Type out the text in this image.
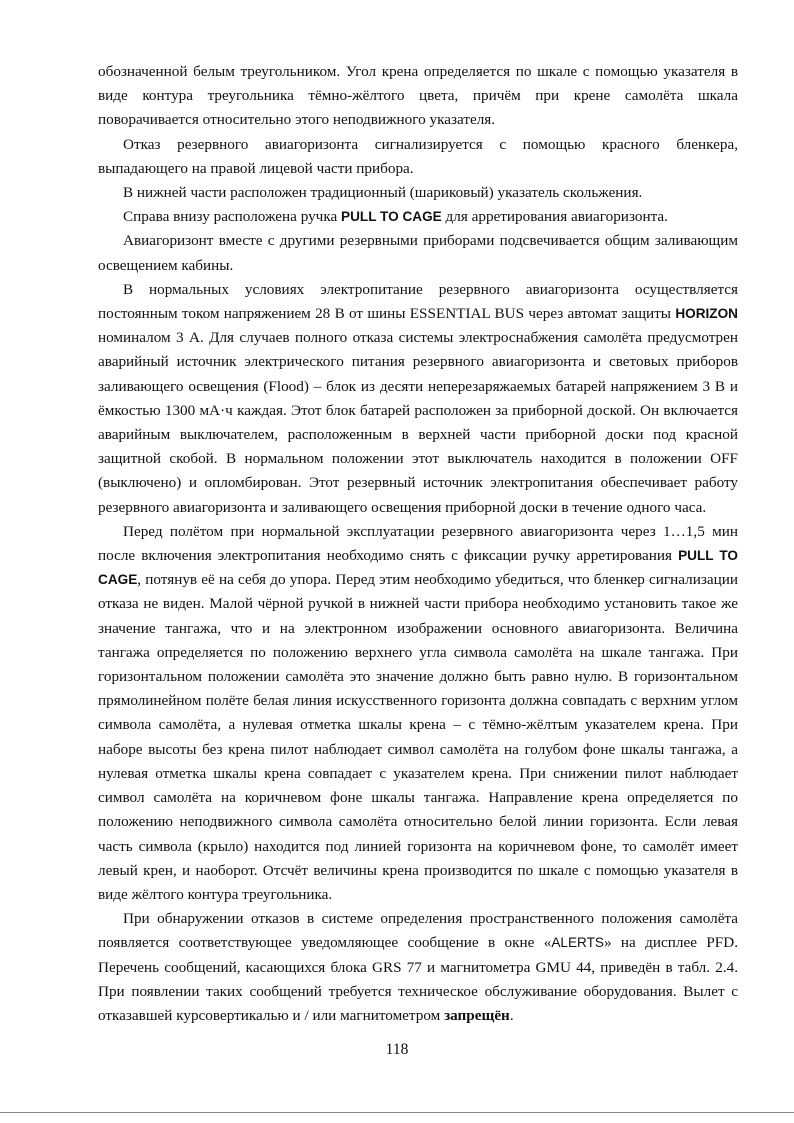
обозначенной белым треугольником. Угол крена определяется по шкале с помощью указателя в виде контура треугольника тёмно-жёлтого цвета, причём при крене самолёта шкала поворачивается относительно этого неподвижного указателя.

Отказ резервного авиагоризонта сигнализируется с помощью красного бленкера, выпадающего на правой лицевой части прибора.

В нижней части расположен традиционный (шариковый) указатель скольжения.

Справа внизу расположена ручка PULL TO CAGE для арретирования авиагоризонта.

Авиагоризонт вместе с другими резервными приборами подсвечивается общим заливающим освещением кабины.

В нормальных условиях электропитание резервного авиагоризонта осуществляется постоянным током напряжением 28 В от шины ESSENTIAL BUS через автомат защиты HORIZON номиналом 3 А. Для случаев полного отказа системы электроснабжения самолёта предусмотрен аварийный источник электрического питания резервного авиагоризонта и световых приборов заливающего освещения (Flood) – блок из десяти неперезаряжаемых батарей напряжением 3 В и ёмкостью 1300 мА·ч каждая. Этот блок батарей расположен за приборной доской. Он включается аварийным выключателем, расположенным в верхней части приборной доски под красной защитной скобой. В нормальном положении этот выключатель находится в положении OFF (выключено) и опломбирован. Этот резервный источник электропитания обеспечивает работу резервного авиагоризонта и заливающего освещения приборной доски в течение одного часа.

Перед полётом при нормальной эксплуатации резервного авиагоризонта через 1…1,5 мин после включения электропитания необходимо снять с фиксации ручку арретирования PULL TO CAGE, потянув её на себя до упора. Перед этим необходимо убедиться, что бленкер сигнализации отказа не виден. Малой чёрной ручкой в нижней части прибора необходимо установить такое же значение тангажа, что и на электронном изображении основного авиагоризонта. Величина тангажа определяется по положению верхнего угла символа самолёта на шкале тангажа. При горизонтальном положении самолёта это значение должно быть равно нулю. В горизонтальном прямолинейном полёте белая линия искусственного горизонта должна совпадать с верхним углом символа самолёта, а нулевая отметка шкалы крена – с тёмно-жёлтым указателем крена. При наборе высоты без крена пилот наблюдает символ самолёта на голубом фоне шкалы тангажа, а нулевая отметка шкалы крена совпадает с указателем крена. При снижении пилот наблюдает символ самолёта на коричневом фоне шкалы тангажа. Направление крена определяется по положению неподвижного символа самолёта относительно белой линии горизонта. Если левая часть символа (крыло) находится под линией горизонта на коричневом фоне, то самолёт имеет левый крен, и наоборот. Отсчёт величины крена производится по шкале с помощью указателя в виде жёлтого контура треугольника.

При обнаружении отказов в системе определения пространственного положения самолёта появляется соответствующее уведомляющее сообщение в окне «ALERTS» на дисплее PFD. Перечень сообщений, касающихся блока GRS 77 и магнитометра GMU 44, приведён в табл. 2.4. При появлении таких сообщений требуется техническое обслуживание оборудования. Вылет с отказавшей курсовертикалью и / или магнитометром запрещён.

118
